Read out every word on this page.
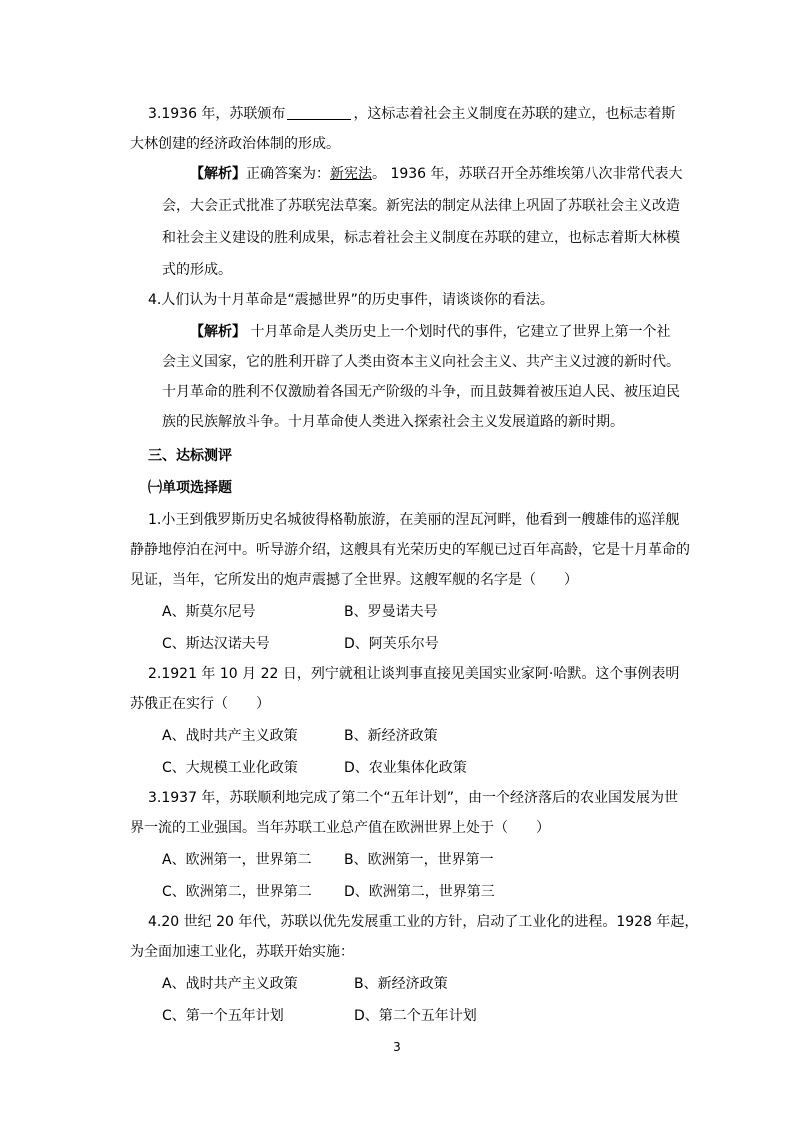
3.1936 年，苏联颁布	，这标志着社会主义制度在苏联的建立，也标志着斯
大林创建的经济政治体制的形成。
【解析】正确答案为：新宪法。 1936 年，苏联召开全苏维埃第八次非常代表大
会，大会正式批准了苏联宪法草案。新宪法的制定从法律上巩固了苏联社会主义改造
和社会主义建设的胜利成果，标志着社会主义制度在苏联的建立，也标志着斯大林模
式的形成。
4.人们认为十月革命是“震撼世界”的历史事件，请谈谈你的看法。
【解析】 十月革命是人类历史上一个划时代的事件，它建立了世界上第一个社
会主义国家，它的胜利开辟了人类由资本主义向社会主义、共产主义过渡的新时代。
十月革命的胜利不仅激励着各国无产阶级的斗争，而且鼓舞着被压迫人民、被压迫民
族的民族解放斗争。十月革命使人类进入探索社会主义发展道路的新时期。
三、达标测评
㈠单项选择题
1.小王到俄罗斯历史名城彼得格勒旅游，在美丽的涅瓦河畔，他看到一艘雄伟的巡洋舰
静静地停泊在河中。听导游介绍，这艘具有光荣历史的军舰已过百年高龄，它是十月革命的
见证，当年，它所发出的炮声震撼了全世界。这艘军舰的名字是（　　）
A、斯莫尔尼号	B、罗曼诺夫号
C、斯达汉诺夫号	D、阿芙乐尔号
2.1921 年 10 月 22 日，列宁就租让谈判事直接见美国实业家阿·哈默。这个事例表明
苏俄正在实行（　　）
A、战时共产主义政策	B、新经济政策
C、大规模工业化政策	D、农业集体化政策
3.1937 年，苏联顺利地完成了第二个“五年计划”，由一个经济落后的农业国发展为世
界一流的工业强国。当年苏联工业总产值在欧洲世界上处于（　　）
A、欧洲第一，世界第二 B、欧洲第一，世界第一
C、欧洲第二，世界第二 D、欧洲第二，世界第三
4.20 世纪 20 年代，苏联以优先发展重工业的方针，启动了工业化的进程。1928 年起，
为全面加速工业化，苏联开始实施：
A、战时共产主义政策	B、新经济政策
C、第一个五年计划	D、第二个五年计划
3
